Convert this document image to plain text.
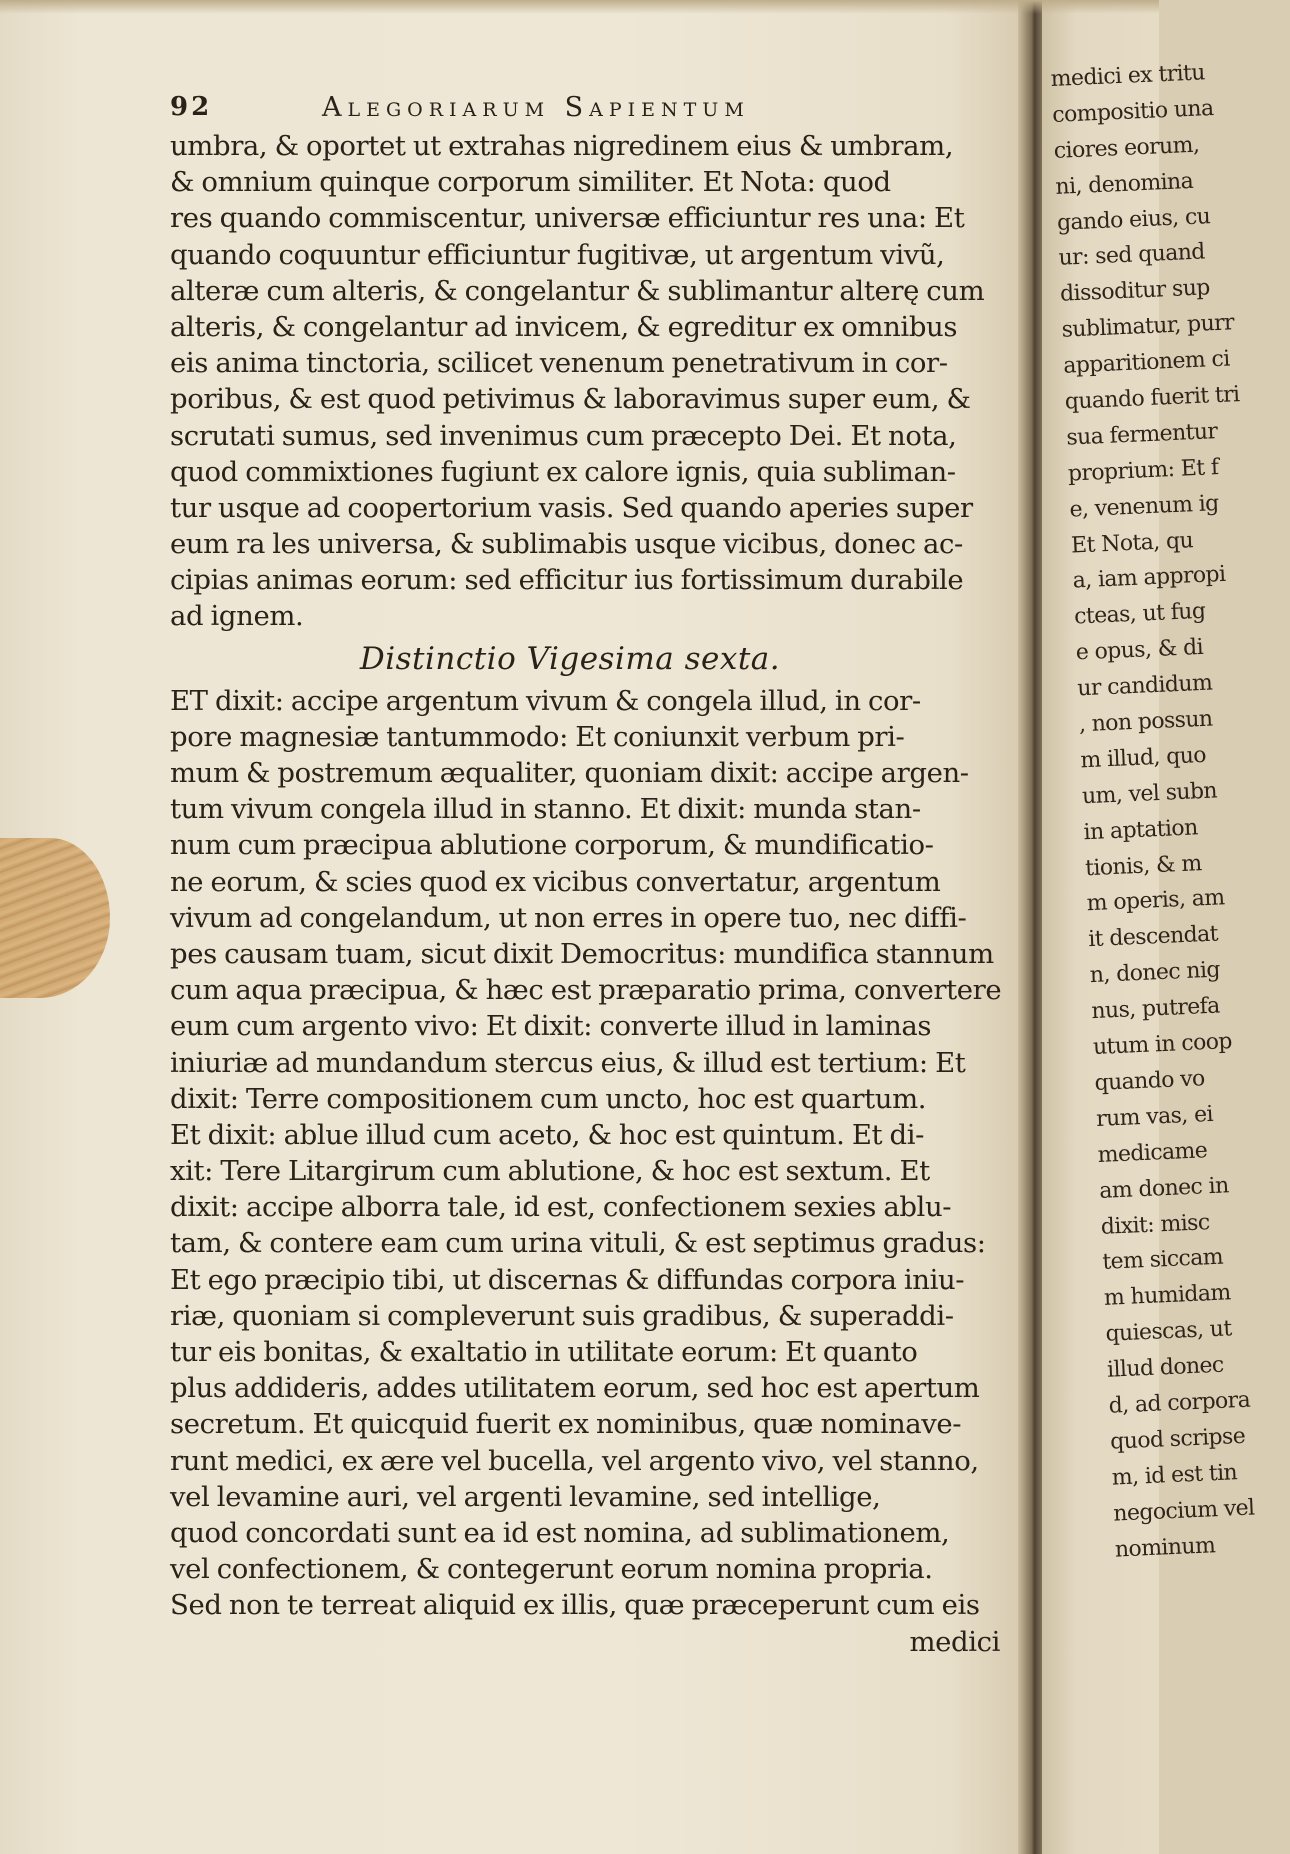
92	Alegoriarum Sapientum
umbra, & oportet ut extrahas nigredinem eius & umbram,
& omnium quinque corporum similiter. Et Nota: quod
res quando commiscentur, universæ efficiuntur res una: Et
quando coquuntur efficiuntur fugitivæ, ut argentum vivũ,
alteræ cum alteris, & congelantur & sublimantur alterę cum
alteris, & congelantur ad invicem, & egreditur ex omnibus
eis anima tinctoria, scilicet venenum penetrativum in cor-
poribus, & est quod petivimus & laboravimus super eum, &
scrutati sumus, sed invenimus cum præcepto Dei. Et nota,
quod commixtiones fugiunt ex calore ignis, quia subliman-
tur usque ad coopertorium vasis. Sed quando aperies super
eum ra les universa, & sublimabis usque vicibus, donec ac-
cipias animas eorum: sed efficitur ius fortissimum durabile
ad ignem.
Distinctio Vigesima sexta.
ET dixit: accipe argentum vivum & congela illud, in cor-
pore magnesiæ tantummodo: Et coniunxit verbum pri-
mum & postremum æqualiter, quoniam dixit: accipe argen-
tum vivum congela illud in stanno. Et dixit: munda stan-
num cum præcipua ablutione corporum, & mundificatio-
ne eorum, & scies quod ex vicibus convertatur, argentum
vivum ad congelandum, ut non erres in opere tuo, nec diffi-
pes causam tuam, sicut dixit Democritus: mundifica stannum
cum aqua præcipua, & hæc est præparatio prima, convertere
eum cum argento vivo: Et dixit: converte illud in laminas
iniuriæ ad mundandum stercus eius, & illud est tertium: Et
dixit: Terre compositionem cum uncto, hoc est quartum.
Et dixit: ablue illud cum aceto, & hoc est quintum. Et di-
xit: Tere Litargirum cum ablutione, & hoc est sextum. Et
dixit: accipe alborra tale, id est, confectionem sexies ablu-
tam, & contere eam cum urina vituli, & est septimus gradus:
Et ego præcipio tibi, ut discernas & diffundas corpora iniu-
riæ, quoniam si compleverunt suis gradibus, & superaddi-
tur eis bonitas, & exaltatio in utilitate eorum: Et quanto
plus addideris, addes utilitatem eorum, sed hoc est apertum
secretum. Et quicquid fuerit ex nominibus, quæ nominave-
runt medici, ex ære vel bucella, vel argento vivo, vel stanno,
vel levamine auri, vel argenti levamine, sed intellige,
quod concordati sunt ea id est nomina, ad sublimationem,
vel confectionem, & contegerunt eorum nomina propria.
Sed non te terreat aliquid ex illis, quæ præceperunt cum eis
medici
medici ex tritu
compositio una
ciores eorum,
ni, denomina
gando eius, cu
ur: sed quand
dissoditur sup
sublimatur, purr
apparitionem ci
quando fuerit tri
sua fermentur
proprium: Et f
e, venenum ig
Et Nota, qu
a, iam appropi
cteas, ut fug
e opus, & di
ur candidum
, non possun
m illud, quo
um, vel subn
in aptation
tionis, & m
m operis, am
it descendat
n, donec nig
nus, putrefa
utum in coop
quando vo
rum vas, ei
medicame
am donec in
dixit: misc
tem siccam
m humidam
quiescas, ut
illud donec
d, ad corpora
quod scripse
m, id est tin
negocium vel
nominum
